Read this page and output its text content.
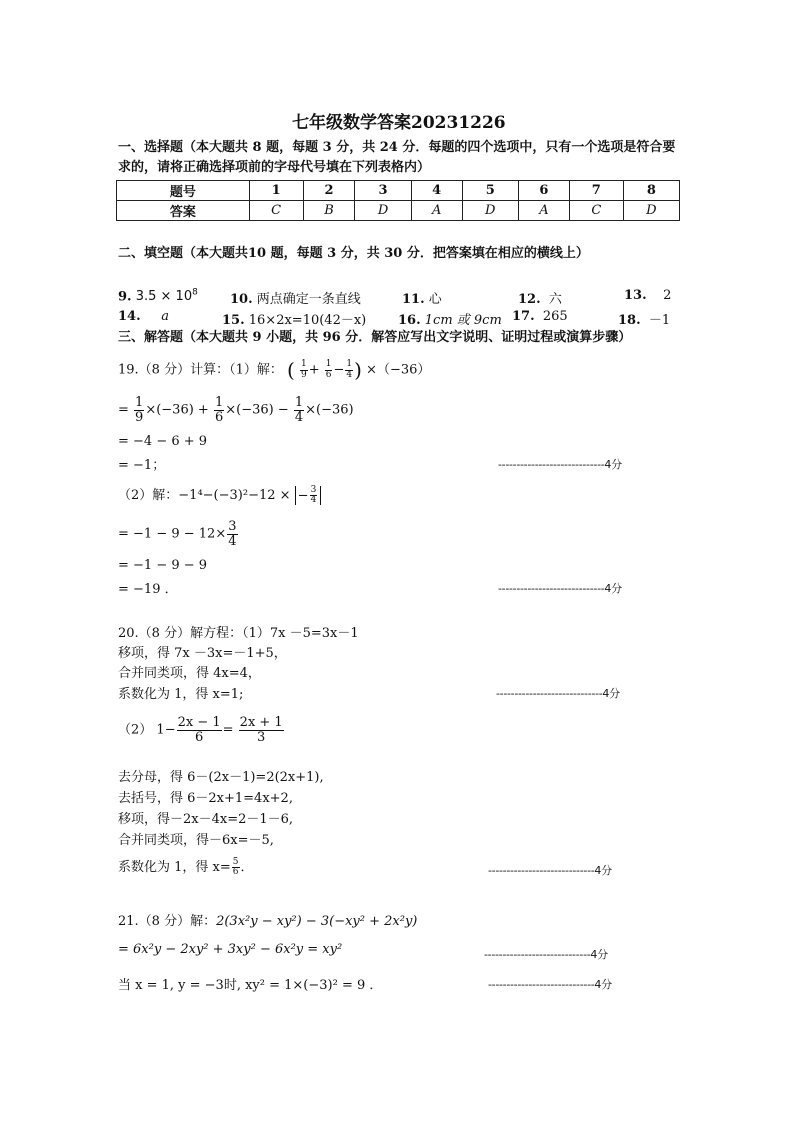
七年级数学答案20231226
一、选择题（本大题共 8 题，每题 3 分，共 24 分．每题的四个选项中，只有一个选项是符合要求的，请将正确选择项前的字母代号填在下列表格内）
题号	1	2	3	4	5	6	7	8
答案	C	B	D	A	D	A	C	D
二、填空题（本大题共10 题，每题 3 分，共 30 分．把答案填在相应的横线上）
9. $3.5 \times 10^8$ 10. 两点确定一条直线	11. 心	12. 六	13. 2
14. a	15. 16×2x=10(42－x) 16. 1cm 或 9cm 17. 265	18. －1
三、解答题（本大题共 9 小题，共 96 分．解答应写出文字说明、证明过程或演算步骤）
19.（8 分）计算：（1）解： ( $\frac{1}{9} + \frac{1}{6} - \frac{1}{4}$ ) ×（−36）
= $\frac{1}{9} \times(-36) + \frac{1}{6} \times(-36) - \frac{1}{4} \times(-36)$
= −4 − 6 + 9
= −1；	-----------------------------4分
（2）解：−1⁴−(−3)²−12 × − $\frac{3}{4}$
= $-1 - 9 - 12\times \frac{3}{4}$
= −1 − 9 − 9
= −19 ．	-----------------------------4分
20.（8 分）解方程：（1）7x －5=3x－1
移项，得 7x －3x=－1+5，
合并同类项，得 4x=4，
系数化为 1，得 x=1;	-----------------------------4分
（2） $1- \frac{2x - 1}{6} = \frac{2x + 1}{3}$
去分母，得 6－(2x－1)=2(2x+1),
去括号，得 6－2x+1=4x+2,
移项，得－2x－4x=2－1－6,
合并同类项，得－6x=－5,
系数化为 1，得 $x= \frac{5}{6}$ ．	-----------------------------4分
21.（8 分）解：2(3x²y − xy²) − 3(−xy² + 2x²y)
= 6x²y − 2xy² + 3xy² − 6x²y = xy²	-----------------------------4分
当 x = 1, y = −3时, xy² = 1×(−3)² = 9 ．	-----------------------------4分
